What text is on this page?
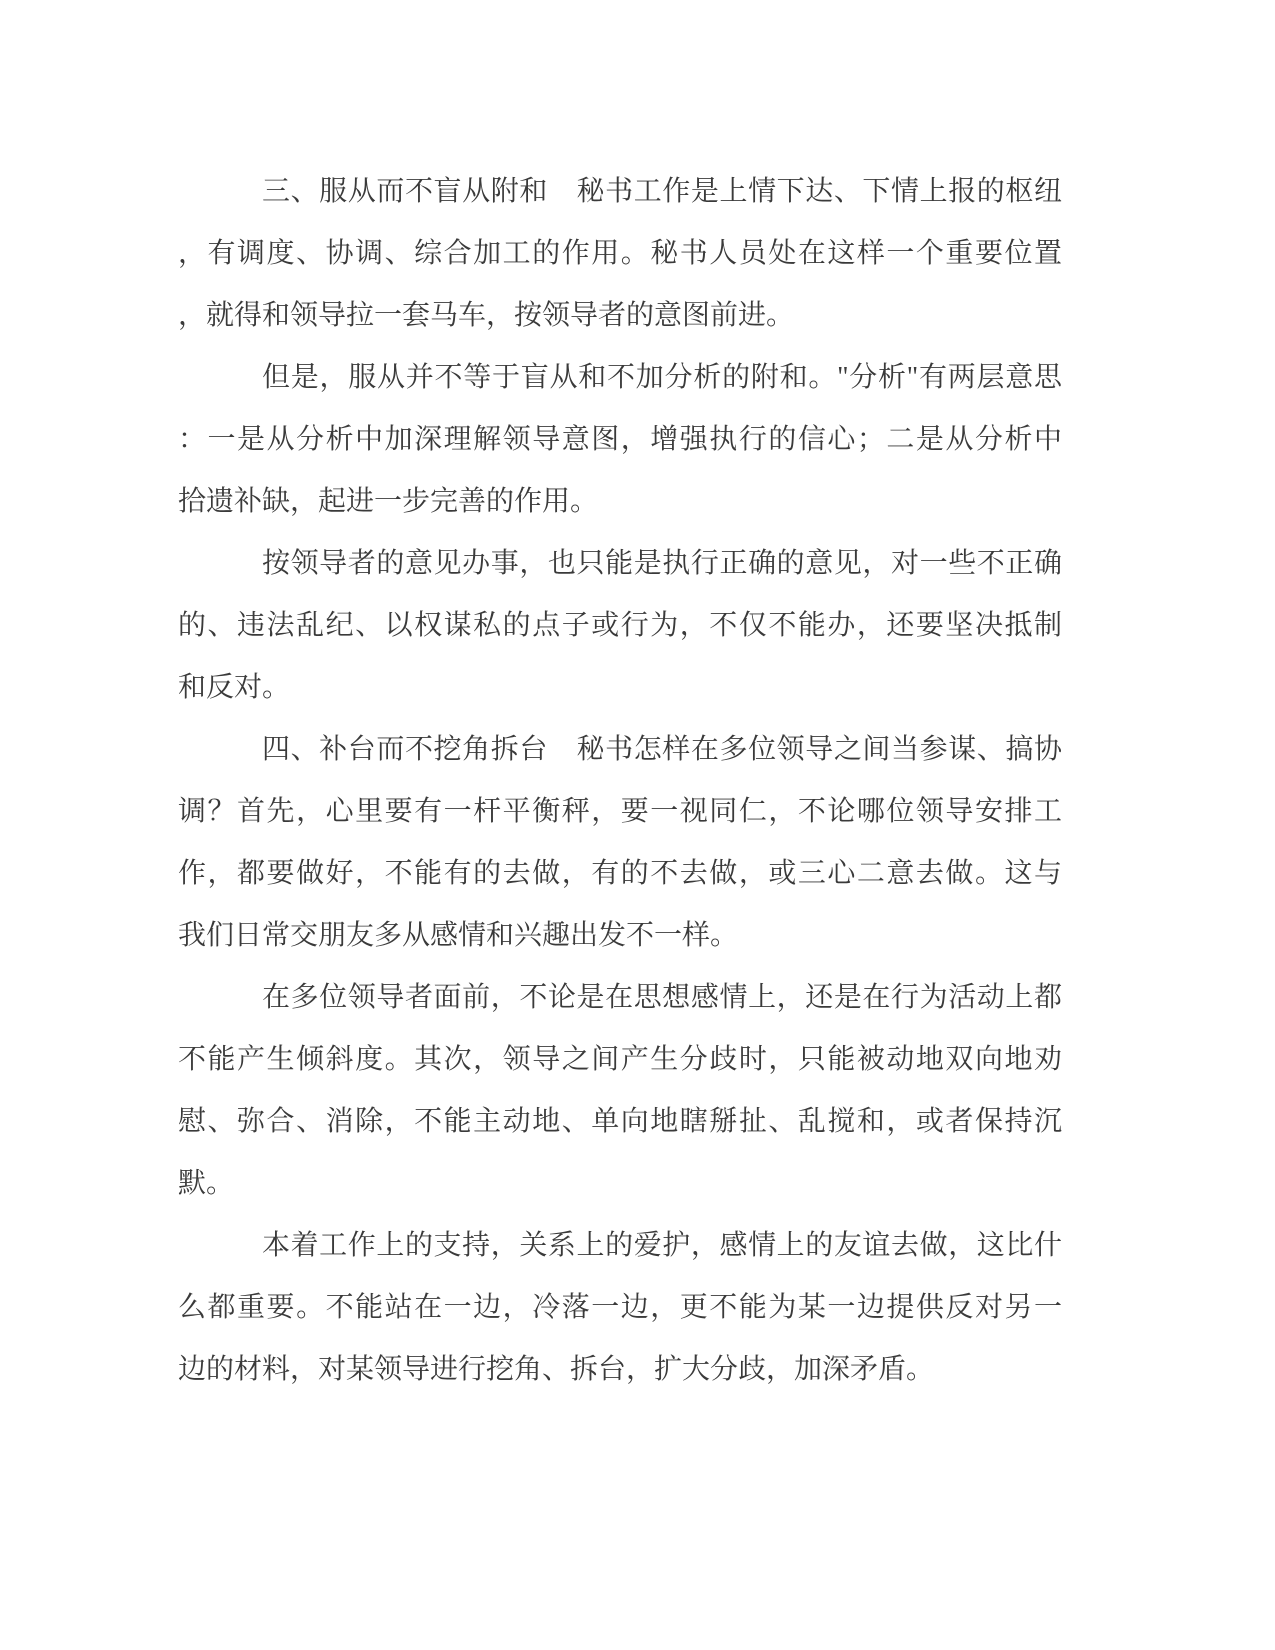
三、服从而不盲从附和　秘书工作是上情下达、下情上报的枢纽
，有调度、协调、综合加工的作用。秘书人员处在这样一个重要位置
，就得和领导拉一套马车，按领导者的意图前进。
但是，服从并不等于盲从和不加分析的附和。"分析"有两层意思
：一是从分析中加深理解领导意图，增强执行的信心；二是从分析中
拾遗补缺，起进一步完善的作用。
按领导者的意见办事，也只能是执行正确的意见，对一些不正确
的、违法乱纪、以权谋私的点子或行为，不仅不能办，还要坚决抵制
和反对。
四、补台而不挖角拆台　秘书怎样在多位领导之间当参谋、搞协
调？首先，心里要有一杆平衡秤，要一视同仁，不论哪位领导安排工
作，都要做好，不能有的去做，有的不去做，或三心二意去做。这与
我们日常交朋友多从感情和兴趣出发不一样。
在多位领导者面前，不论是在思想感情上，还是在行为活动上都
不能产生倾斜度。其次，领导之间产生分歧时，只能被动地双向地劝
慰、弥合、消除，不能主动地、单向地瞎掰扯、乱搅和，或者保持沉
默。
本着工作上的支持，关系上的爱护，感情上的友谊去做，这比什
么都重要。不能站在一边，冷落一边，更不能为某一边提供反对另一
边的材料，对某领导进行挖角、拆台，扩大分歧，加深矛盾。
